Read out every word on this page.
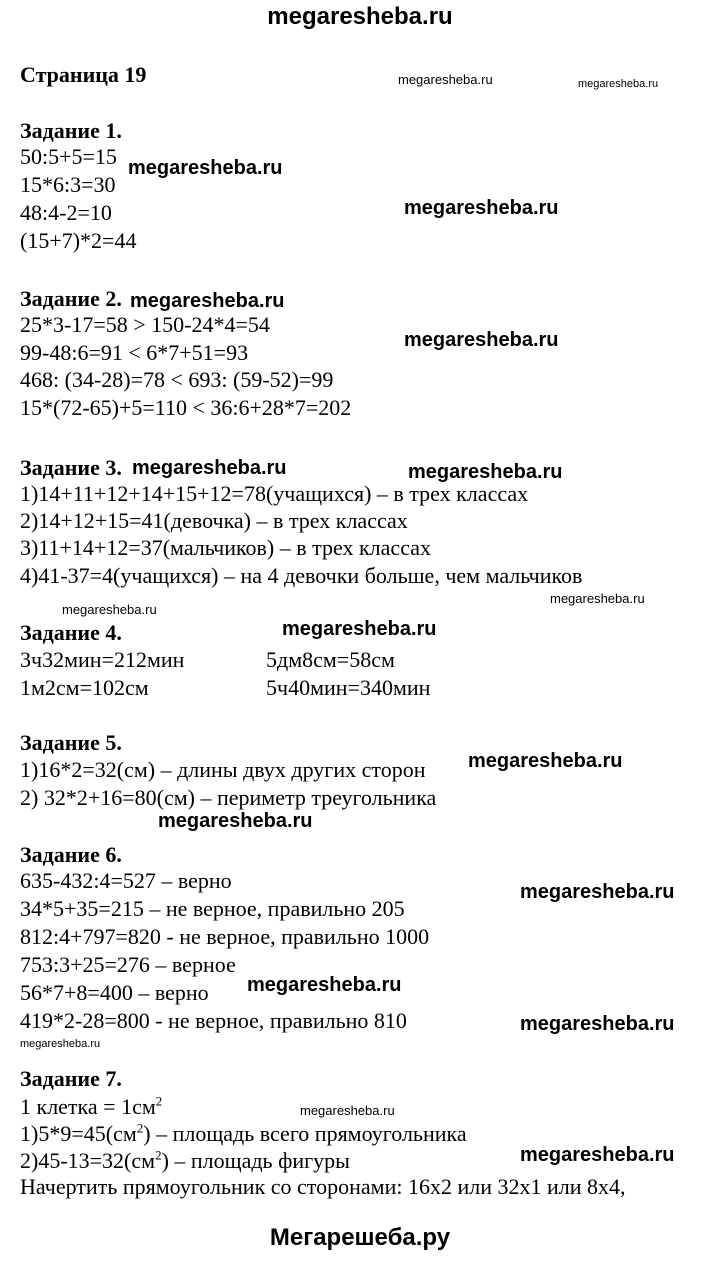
megaresheba.ru
Мегарешеба.ру
Страница 19
Задание 1.
50:5+5=15
15*6:3=30
48:4-2=10
(15+7)*2=44
Задание 2.
25*3-17=58 > 150-24*4=54
99-48:6=91 < 6*7+51=93
468: (34-28)=78 < 693: (59-52)=99
15*(72-65)+5=110 < 36:6+28*7=202
Задание 3.
1)14+11+12+14+15+12=78(учащихся) – в трех классах
2)14+12+15=41(девочка) – в трех классах
3)11+14+12=37(мальчиков) – в трех классах
4)41-37=4(учащихся) – на 4 девочки больше, чем мальчиков
Задание 4.
3ч32мин=212мин
1м2см=102см
5дм8см=58см
5ч40мин=340мин
Задание 5.
1)16*2=32(см) – длины двух других сторон
2) 32*2+16=80(см) – периметр треугольника
Задание 6.
635-432:4=527 – верно
34*5+35=215 – не верное, правильно 205
812:4+797=820 - не верное, правильно 1000
753:3+25=276 – верное
56*7+8=400 – верно
419*2-28=800 - не верное, правильно 810
Задание 7.
1 клетка = $1см^2$
$1)5*9=45(см^2)$ – площадь всего прямоугольника
$2)45-13=32(см^2)$ – площадь фигуры
Начертить прямоугольник со сторонами: 16х2 или 32х1 или 8х4,
megaresheba.ru
megaresheba.ru
megaresheba.ru
megaresheba.ru
megaresheba.ru	megaresheba.ru
megaresheba.ru
megaresheba.ru
megaresheba.ru
megaresheba.ru
megaresheba.ru
megaresheba.ru
megaresheba.ru
megaresheba.ru	megaresheba.ru
megaresheba.ru
megaresheba.ru
megaresheba.ru
megaresheba.ru
